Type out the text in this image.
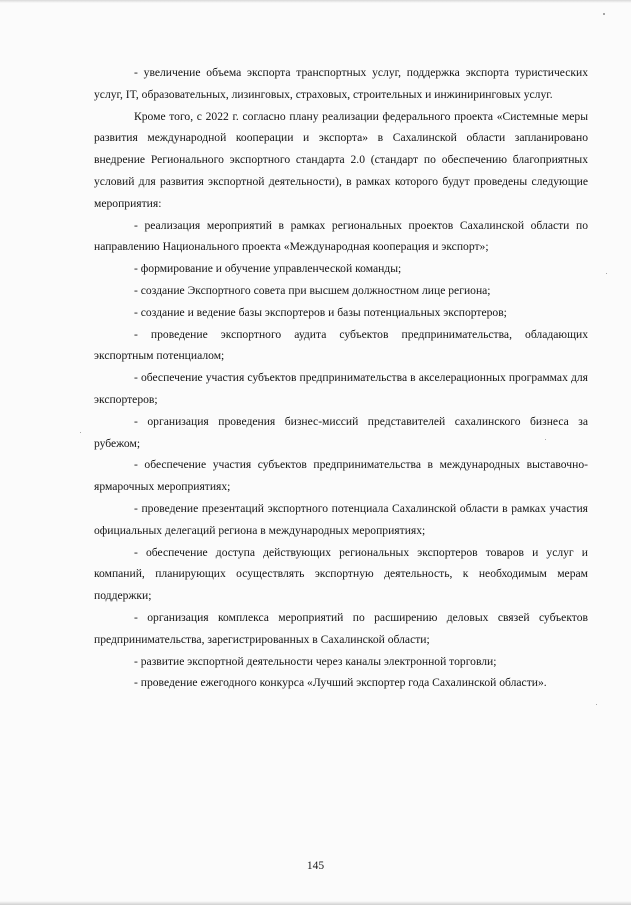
- увеличение объема экспорта транспортных услуг, поддержка экспорта туристических услуг, IT, образовательных, лизинговых, страховых, строительных и инжиниринговых услуг.

Кроме того, с 2022 г. согласно плану реализации федерального проекта «Системные меры развития международной кооперации и экспорта» в Сахалинской области запланировано внедрение Регионального экспортного стандарта 2.0 (стандарт по обеспечению благоприятных условий для развития экспортной деятельности), в рамках которого будут проведены следующие мероприятия:

- реализация мероприятий в рамках региональных проектов Сахалинской области по направлению Национального проекта «Международная кооперация и экспорт»;

- формирование и обучение управленческой команды;

- создание Экспортного совета при высшем должностном лице региона;

- создание и ведение базы экспортеров и базы потенциальных экспортеров;

- проведение экспортного аудита субъектов предпринимательства, обладающих экспортным потенциалом;

- обеспечение участия субъектов предпринимательства в акселерационных программах для экспортеров;

- организация проведения бизнес-миссий представителей сахалинского бизнеса за рубежом;

- обеспечение участия субъектов предпринимательства в международных выставочно-ярмарочных мероприятиях;

- проведение презентаций экспортного потенциала Сахалинской области в рамках участия официальных делегаций региона в международных мероприятиях;

- обеспечение доступа действующих региональных экспортеров товаров и услуг и компаний, планирующих осуществлять экспортную деятельность, к необходимым мерам поддержки;

- организация комплекса мероприятий по расширению деловых связей субъектов предпринимательства, зарегистрированных в Сахалинской области;

- развитие экспортной деятельности через каналы электронной торговли;

- проведение ежегодного конкурса «Лучший экспортер года Сахалинской области».

145
